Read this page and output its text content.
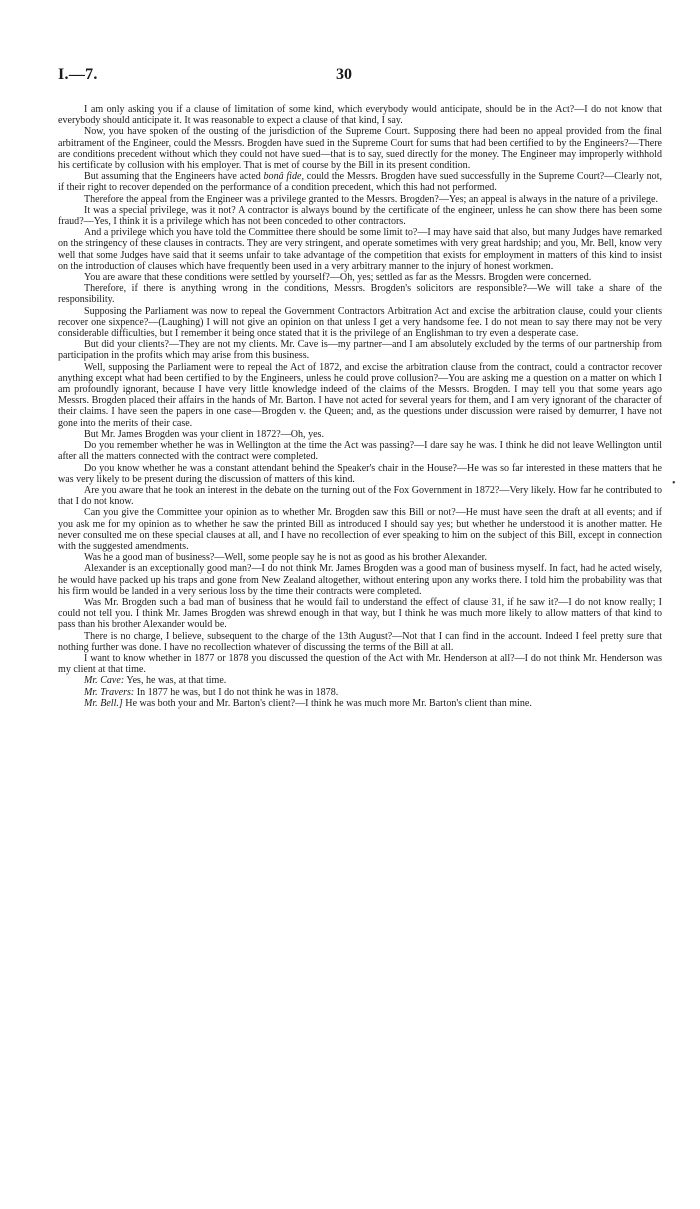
I.—7.	30

I am only asking you if a clause of limitation of some kind, which everybody would anticipate, should be in the Act?—I do not know that everybody should anticipate it. It was reasonable to expect a clause of that kind, I say.

Now, you have spoken of the ousting of the jurisdiction of the Supreme Court. Supposing there had been no appeal provided from the final arbitrament of the Engineer, could the Messrs. Brogden have sued in the Supreme Court for sums that had been certified to by the Engineers?—There are conditions precedent without which they could not have sued—that is to say, sued directly for the money. The Engineer may improperly withhold his certificate by collusion with his employer. That is met of course by the Bill in its present condition.

But assuming that the Engineers have acted bonâ fide, could the Messrs. Brogden have sued successfully in the Supreme Court?—Clearly not, if their right to recover depended on the performance of a condition precedent, which this had not performed.

Therefore the appeal from the Engineer was a privilege granted to the Messrs. Brogden?—Yes; an appeal is always in the nature of a privilege.

It was a special privilege, was it not? A contractor is always bound by the certificate of the engineer, unless he can show there has been some fraud?—Yes, I think it is a privilege which has not been conceded to other contractors.

And a privilege which you have told the Committee there should be some limit to?—I may have said that also, but many Judges have remarked on the stringency of these clauses in contracts. They are very stringent, and operate sometimes with very great hardship; and you, Mr. Bell, know very well that some Judges have said that it seems unfair to take advantage of the competition that exists for employment in matters of this kind to insist on the introduction of clauses which have frequently been used in a very arbitrary manner to the injury of honest workmen.

You are aware that these conditions were settled by yourself?—Oh, yes; settled as far as the Messrs. Brogden were concerned.

Therefore, if there is anything wrong in the conditions, Messrs. Brogden's solicitors are responsible?—We will take a share of the responsibility.

Supposing the Parliament was now to repeal the Government Contractors Arbitration Act and excise the arbitration clause, could your clients recover one sixpence?—(Laughing) I will not give an opinion on that unless I get a very handsome fee. I do not mean to say there may not be very considerable difficulties, but I remember it being once stated that it is the privilege of an Englishman to try even a desperate case.

But did your clients?—They are not my clients. Mr. Cave is—my partner—and I am absolutely excluded by the terms of our partnership from participation in the profits which may arise from this business.

Well, supposing the Parliament were to repeal the Act of 1872, and excise the arbitration clause from the contract, could a contractor recover anything except what had been certified to by the Engineers, unless he could prove collusion?—You are asking me a question on a matter on which I am profoundly ignorant, because I have very little knowledge indeed of the claims of the Messrs. Brogden. I may tell you that some years ago Messrs. Brogden placed their affairs in the hands of Mr. Barton. I have not acted for several years for them, and I am very ignorant of the character of their claims. I have seen the papers in one case—Brogden v. the Queen; and, as the questions under discussion were raised by demurrer, I have not gone into the merits of their case.

But Mr. James Brogden was your client in 1872?—Oh, yes.

Do you remember whether he was in Wellington at the time the Act was passing?—I dare say he was. I think he did not leave Wellington until after all the matters connected with the contract were completed.

Do you know whether he was a constant attendant behind the Speaker's chair in the House?—He was so far interested in these matters that he was very likely to be present during the discussion of matters of this kind.

Are you aware that he took an interest in the debate on the turning out of the Fox Government in 1872?—Very likely. How far he contributed to that I do not know.

Can you give the Committee your opinion as to whether Mr. Brogden saw this Bill or not?—He must have seen the draft at all events; and if you ask me for my opinion as to whether he saw the printed Bill as introduced I should say yes; but whether he understood it is another matter. He never consulted me on these special clauses at all, and I have no recollection of ever speaking to him on the subject of this Bill, except in connection with the suggested amendments.

Was he a good man of business?—Well, some people say he is not as good as his brother Alexander.

Alexander is an exceptionally good man?—I do not think Mr. James Brogden was a good man of business myself. In fact, had he acted wisely, he would have packed up his traps and gone from New Zealand altogether, without entering upon any works there. I told him the probability was that his firm would be landed in a very serious loss by the time their contracts were completed.

Was Mr. Brogden such a bad man of business that he would fail to understand the effect of clause 31, if he saw it?—I do not know really; I could not tell you. I think Mr. James Brogden was shrewd enough in that way, but I think he was much more likely to allow matters of that kind to pass than his brother Alexander would be.

There is no charge, I believe, subsequent to the charge of the 13th August?—Not that I can find in the account. Indeed I feel pretty sure that nothing further was done. I have no recollection whatever of discussing the terms of the Bill at all.

I want to know whether in 1877 or 1878 you discussed the question of the Act with Mr. Henderson at all?—I do not think Mr. Henderson was my client at that time.

Mr. Cave: Yes, he was, at that time.

Mr. Travers: In 1877 he was, but I do not think he was in 1878.

Mr. Bell.] He was both your and Mr. Barton's client?—I think he was much more Mr. Barton's client than mine.

•
